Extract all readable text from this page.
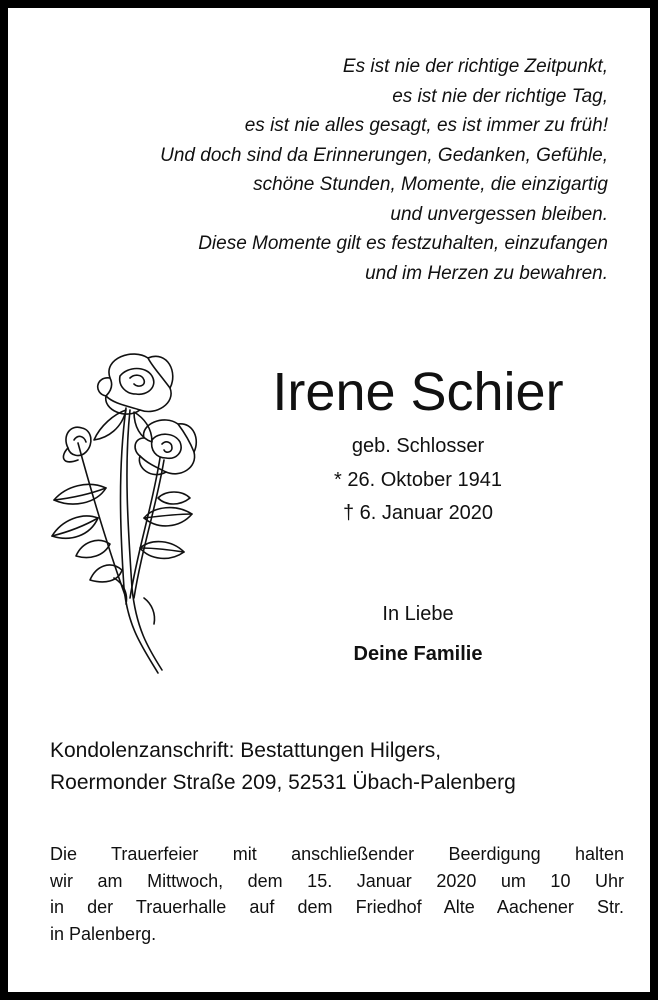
Es ist nie der richtige Zeitpunkt,
es ist nie der richtige Tag,
es ist nie alles gesagt, es ist immer zu früh!
Und doch sind da Erinnerungen, Gedanken, Gefühle,
schöne Stunden, Momente, die einzigartig
und unvergessen bleiben.
Diese Momente gilt es festzuhalten, einzufangen
und im Herzen zu bewahren.
Irene Schier
geb. Schlosser
* 26. Oktober 1941
† 6. Januar 2020
In Liebe
Deine Familie
Kondolenzanschrift: Bestattungen Hilgers,
Roermonder Straße 209, 52531 Übach-Palenberg
Die Trauerfeier mit anschließender Beerdigung halten
wir am Mittwoch, dem 15. Januar 2020 um 10 Uhr
in der Trauerhalle auf dem Friedhof Alte Aachener Str.
in Palenberg.
